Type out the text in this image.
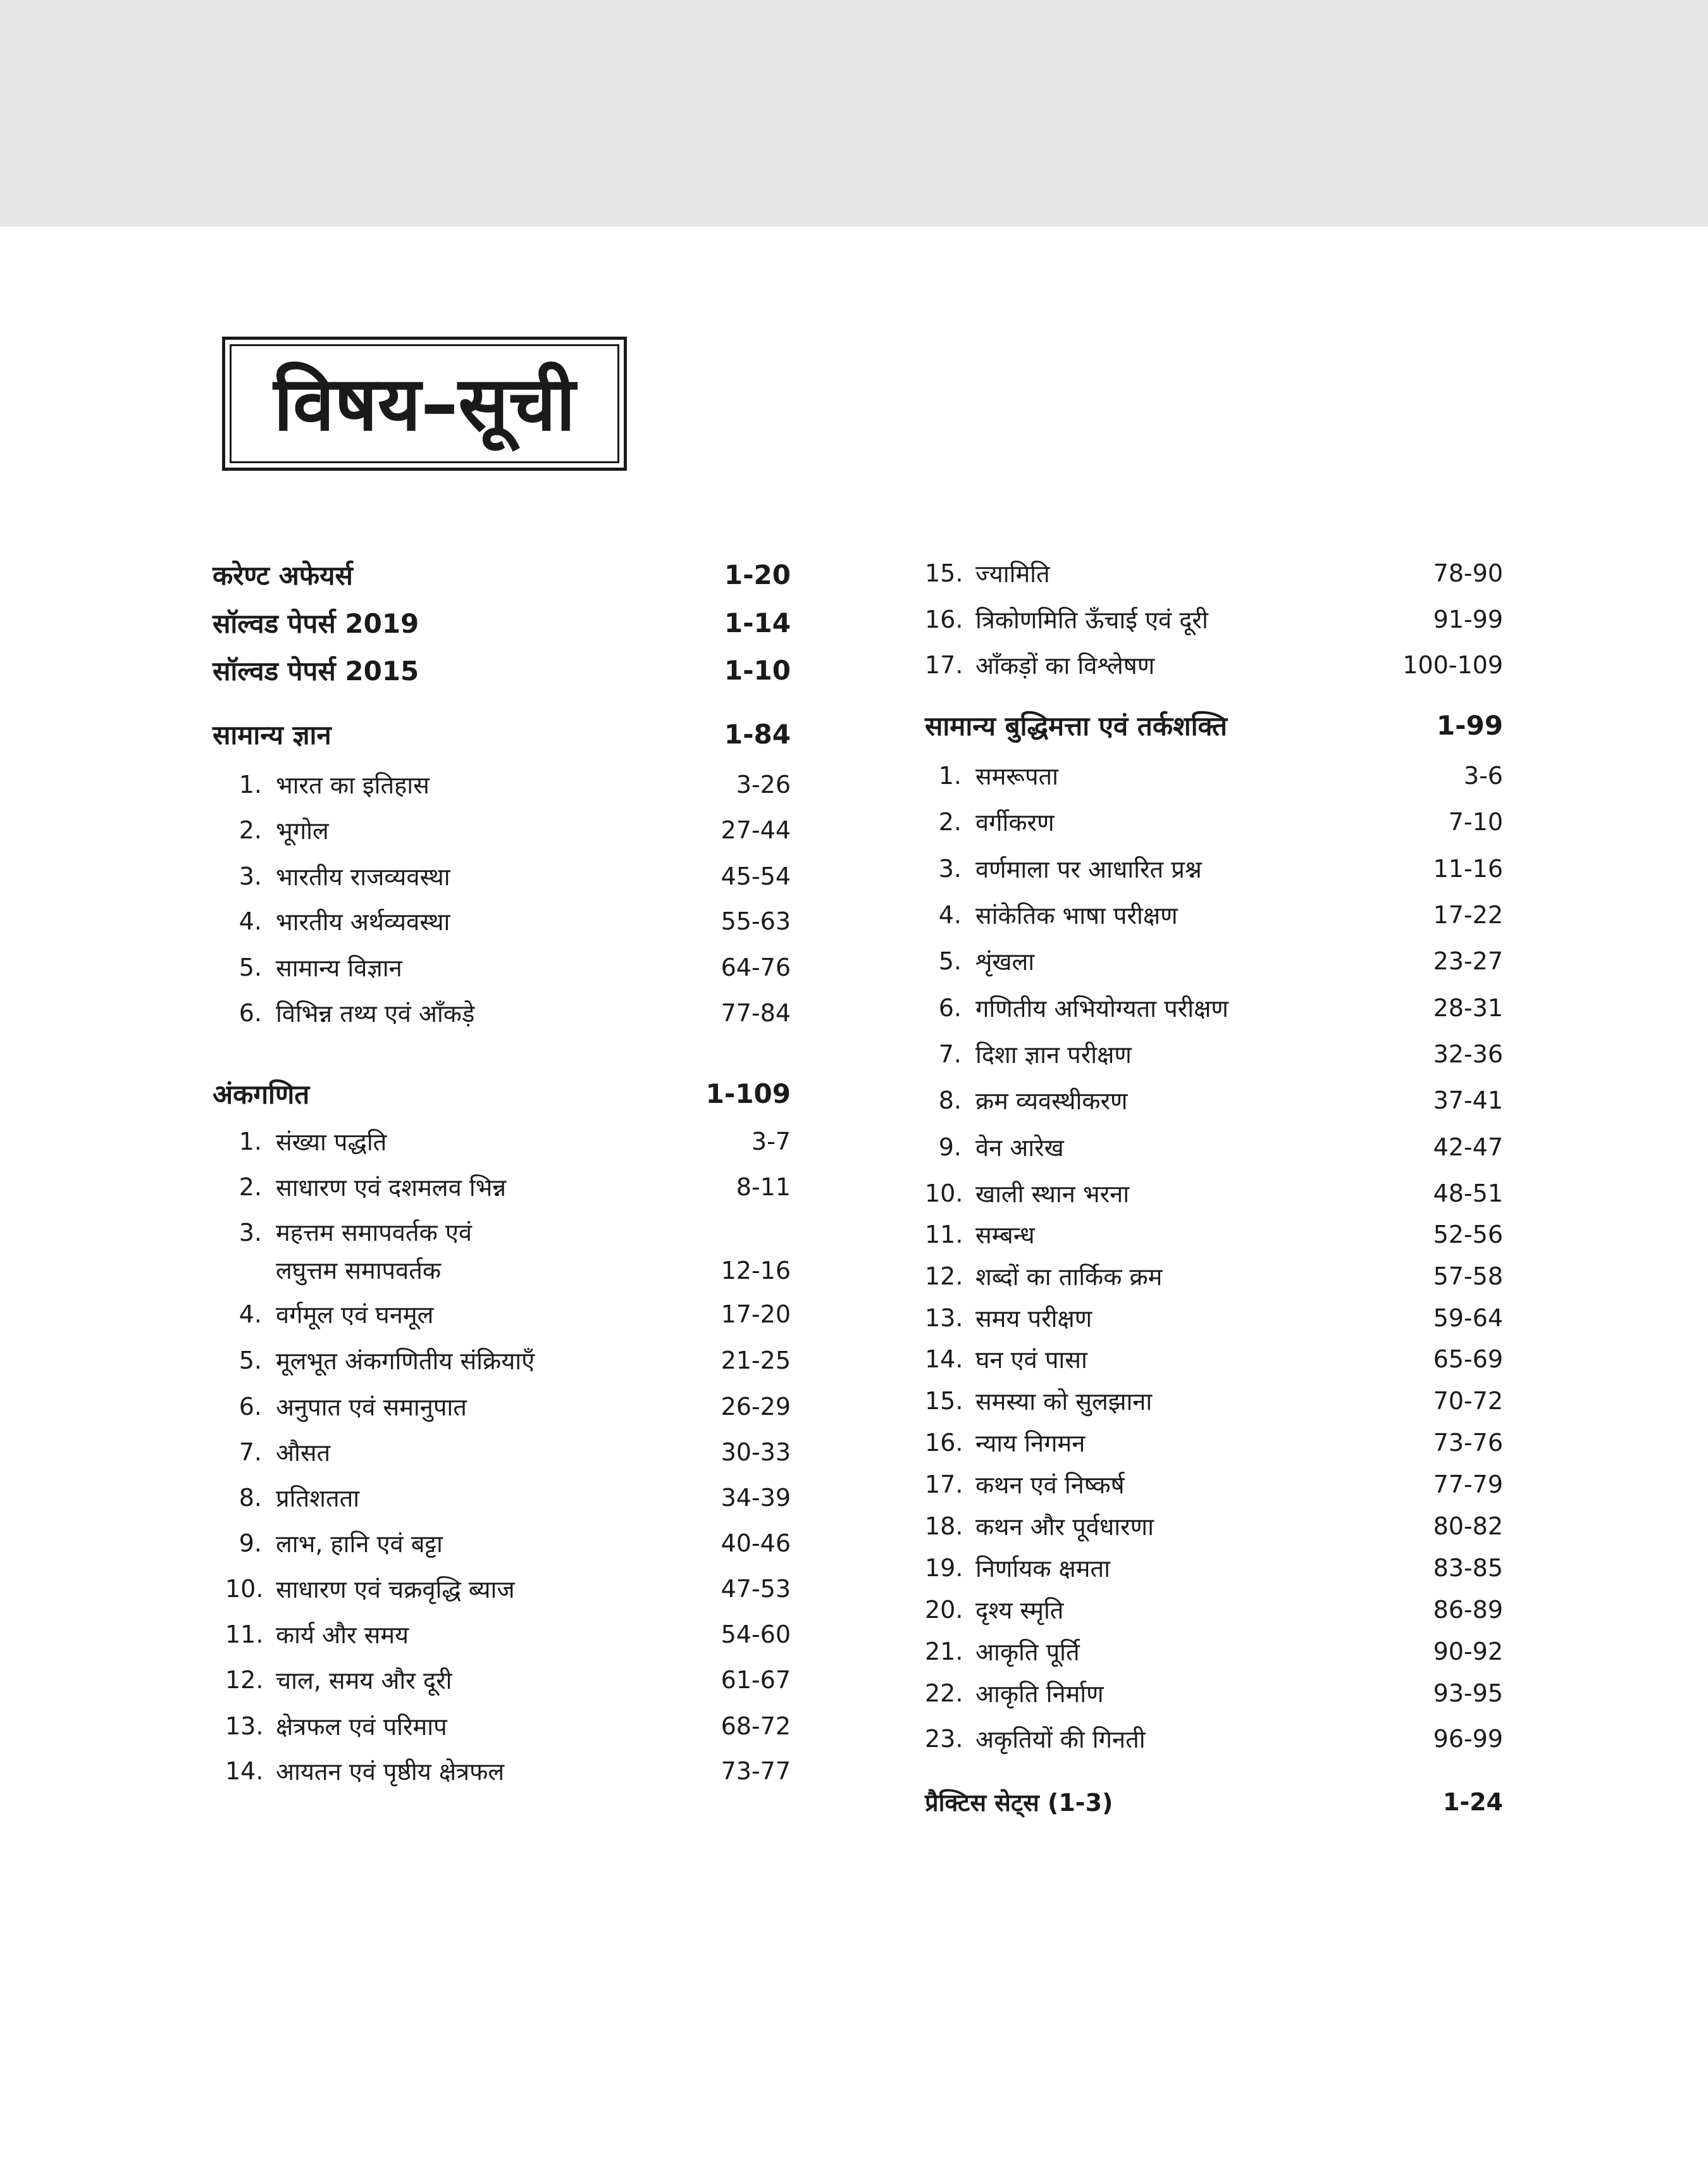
विषय–सूची
करेण्ट अफेयर्स	1-20
सॉल्वड पेपर्स 2019	1-14
सॉल्वड पेपर्स 2015	1-10
सामान्य ज्ञान	1-84
1. भारत का इतिहास	3-26
2. भूगोल	27-44
3. भारतीय राजव्यवस्था	45-54
4. भारतीय अर्थव्यवस्था	55-63
5. सामान्य विज्ञान	64-76
6. विभिन्न तथ्य एवं आँकड़े	77-84
अंकगणित	1-109
1. संख्या पद्धति	3-7
2. साधारण एवं दशमलव भिन्न	8-11
3. महत्तम समापवर्तक एवं
लघुत्तम समापवर्तक	12-16
4. वर्गमूल एवं घनमूल	17-20
5. मूलभूत अंकगणितीय संक्रियाएँ	21-25
6. अनुपात एवं समानुपात	26-29
7. औसत	30-33
8. प्रतिशतता	34-39
9. लाभ, हानि एवं बट्टा	40-46
10. साधारण एवं चक्रवृद्धि ब्याज	47-53
11. कार्य और समय	54-60
12. चाल, समय और दूरी	61-67
13. क्षेत्रफल एवं परिमाप	68-72
14. आयतन एवं पृष्ठीय क्षेत्रफल	73-77
15. ज्यामिति	78-90
16. त्रिकोणमिति ऊँचाई एवं दूरी	91-99
17. आँकड़ों का विश्लेषण	100-109
सामान्य बुद्धिमत्ता एवं तर्कशक्ति	1-99
1. समरूपता	3-6
2. वर्गीकरण	7-10
3. वर्णमाला पर आधारित प्रश्न	11-16
4. सांकेतिक भाषा परीक्षण	17-22
5. शृंखला	23-27
6. गणितीय अभियोग्यता परीक्षण	28-31
7. दिशा ज्ञान परीक्षण	32-36
8. क्रम व्यवस्थीकरण	37-41
9. वेन आरेख	42-47
10. खाली स्थान भरना	48-51
11. सम्बन्ध	52-56
12. शब्दों का तार्किक क्रम	57-58
13. समय परीक्षण	59-64
14. घन एवं पासा	65-69
15. समस्या को सुलझाना	70-72
16. न्याय निगमन	73-76
17. कथन एवं निष्कर्ष	77-79
18. कथन और पूर्वधारणा	80-82
19. निर्णायक क्षमता	83-85
20. दृश्य स्मृति	86-89
21. आकृति पूर्ति	90-92
22. आकृति निर्माण	93-95
23. अकृतियों की गिनती	96-99
प्रैक्टिस सेट्स (1-3)	1-24
